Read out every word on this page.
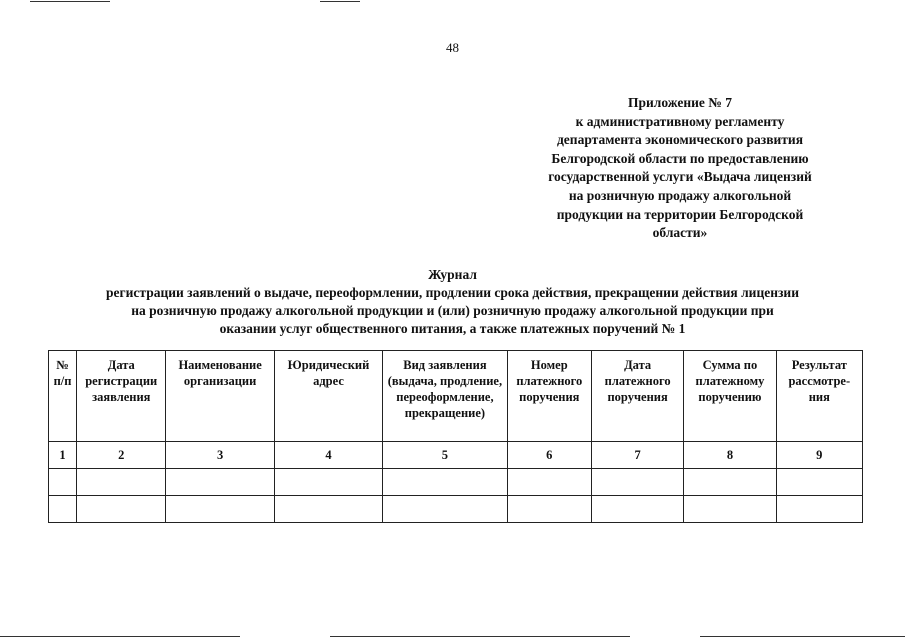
48
Приложение № 7
к административному регламенту
департамента экономического развития
Белгородской области по предоставлению
государственной услуги «Выдача лицензий
на розничную продажу алкогольной
продукции на территории Белгородской
области»
Журнал
регистрации заявлений о выдаче, переоформлении, продлении срока действия, прекращении действия лицензии
на розничную продажу алкогольной продукции и (или) розничную продажу алкогольной продукции при
оказании услуг общественного питания, а также платежных поручений № 1
№ п/п	Дата регистрации заявления	Наименование организации	Юридический адрес	Вид заявления (выдача, продление, переоформление, прекращение)	Номер платежного поручения	Дата платежного поручения	Сумма по платежному поручению	Результат рассмотре-ния
1	2	3	4	5	6	7	8	9
